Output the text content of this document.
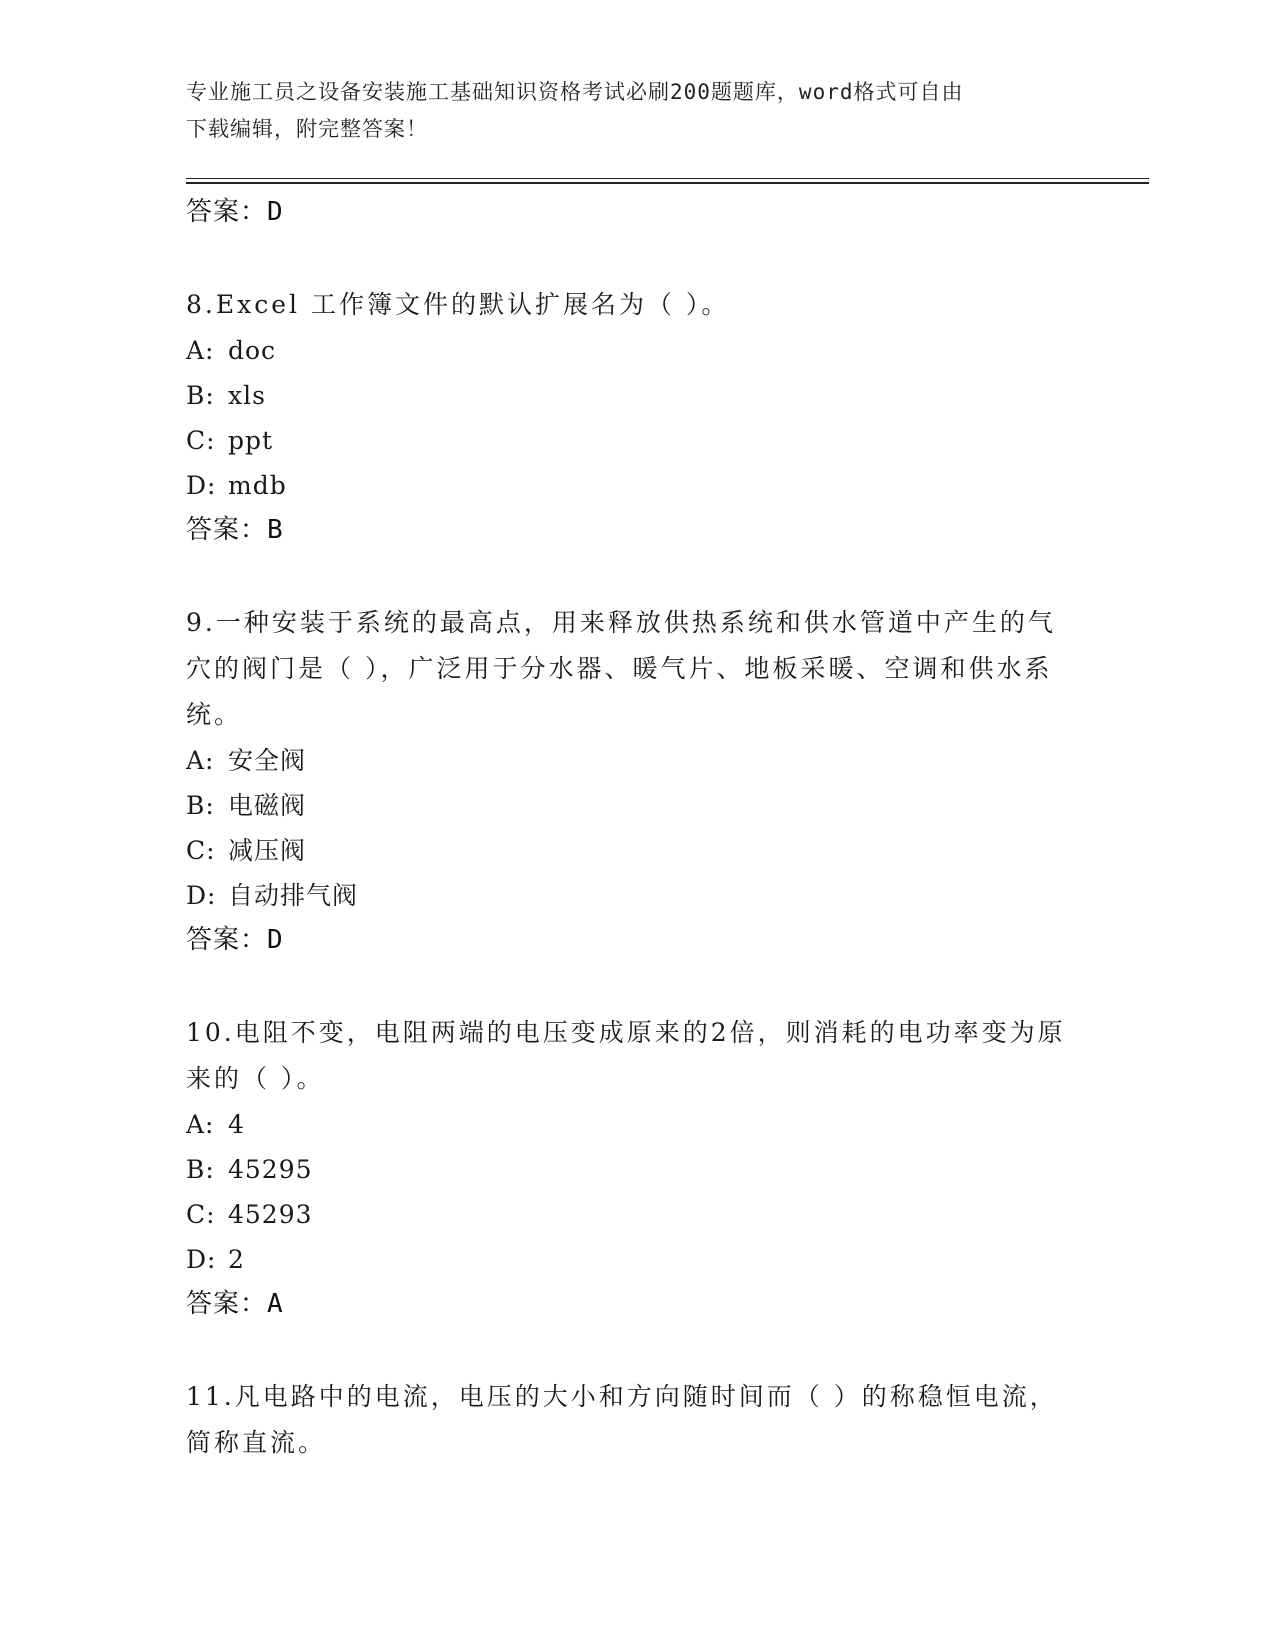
专业施工员之设备安装施工基础知识资格考试必刷200题题库，word格式可自由
下载编辑，附完整答案！
答案：D
8.Excel 工作簿文件的默认扩展名为（ ）。
A: doc
B: xls
C: ppt
D: mdb
答案：B
9.一种安装于系统的最高点，用来释放供热系统和供水管道中产生的气穴的阀门是（ ），广泛用于分水器、暖气片、地板采暖、空调和供水系统。
A: 安全阀
B: 电磁阀
C: 减压阀
D: 自动排气阀
答案：D
10.电阻不变，电阻两端的电压变成原来的2倍，则消耗的电功率变为原来的（ ）。
A: 4
B: 45295
C: 45293
D: 2
答案：A
11.凡电路中的电流，电压的大小和方向随时间而（ ）的称稳恒电流，简称直流。
